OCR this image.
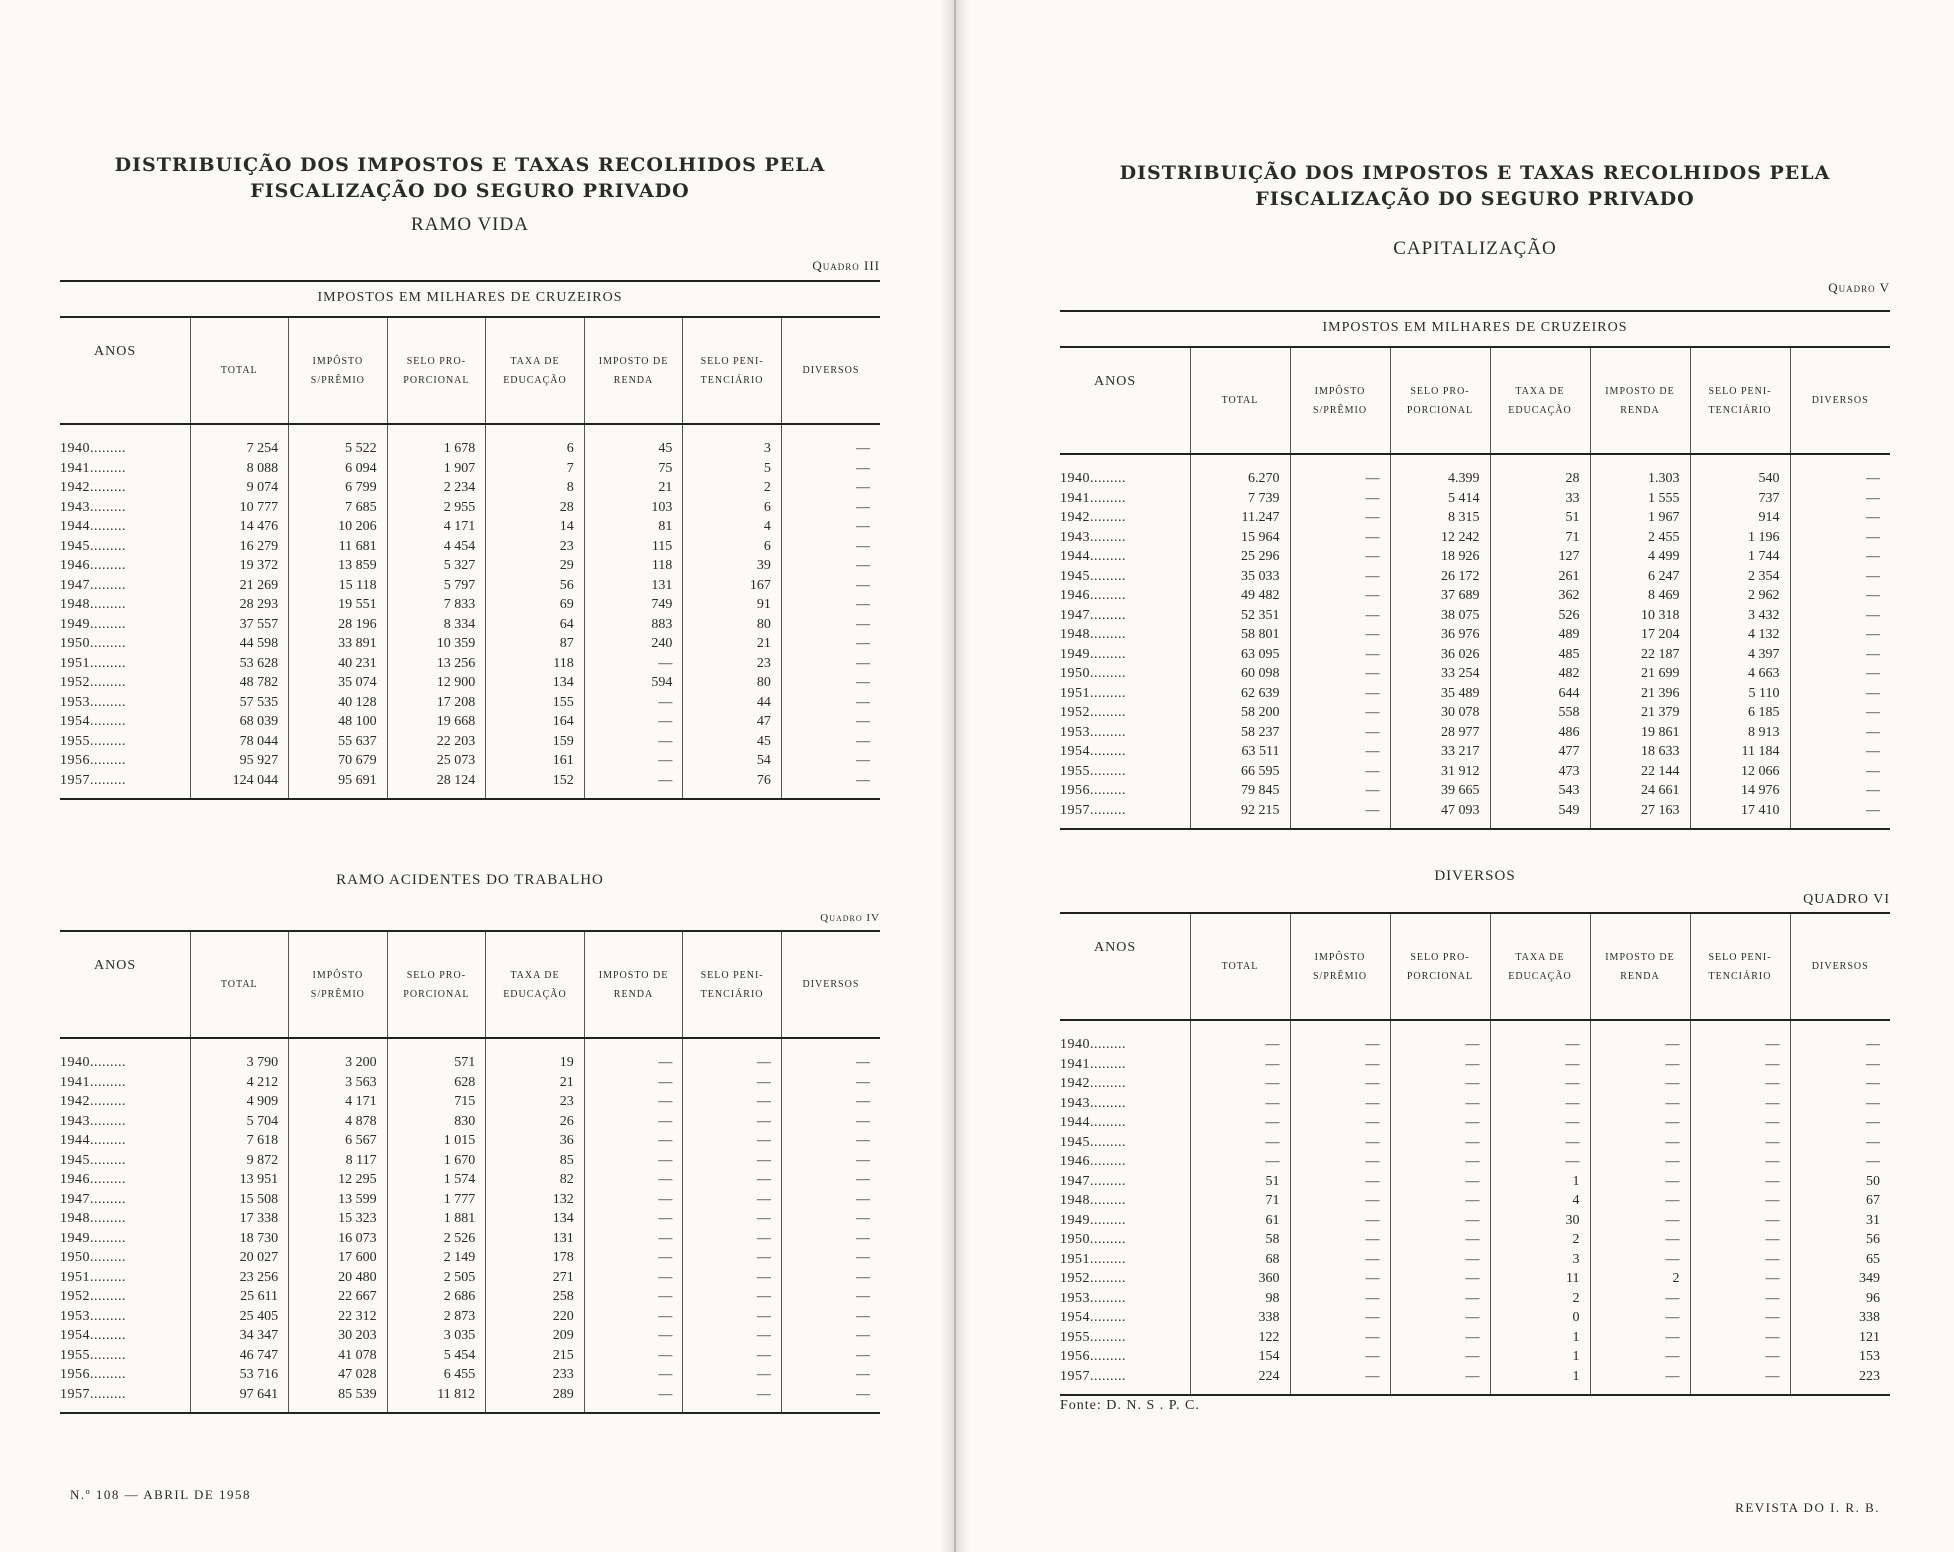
DISTRIBUIÇÃO DOS IMPOSTOS E TAXAS RECOLHIDOS PELA
FISCALIZAÇÃO DO SEGURO PRIVADO
RAMO VIDA
Quadro III
IMPOSTOS EM MILHARES DE CRUZEIROS
ANOS	TOTAL	IMPÔSTO S/PRÊMIO	SELO PRO-PORCIONAL	TAXA DE EDUCAÇÃO	IMPOSTO DE RENDA	SELO PENI-TENCIÁRIO	DIVERSOS
1940.........	7 254	5 522	1 678	6	45	3	—
1941.........	8 088	6 094	1 907	7	75	5	—
1942.........	9 074	6 799	2 234	8	21	2	—
1943.........	10 777	7 685	2 955	28	103	6	—
1944.........	14 476	10 206	4 171	14	81	4	—
1945.........	16 279	11 681	4 454	23	115	6	—
1946.........	19 372	13 859	5 327	29	118	39	—
1947.........	21 269	15 118	5 797	56	131	167	—
1948.........	28 293	19 551	7 833	69	749	91	—
1949.........	37 557	28 196	8 334	64	883	80	—
1950.........	44 598	33 891	10 359	87	240	21	—
1951.........	53 628	40 231	13 256	118	—	23	—
1952.........	48 782	35 074	12 900	134	594	80	—
1953.........	57 535	40 128	17 208	155	—	44	—
1954.........	68 039	48 100	19 668	164	—	47	—
1955.........	78 044	55 637	22 203	159	—	45	—
1956.........	95 927	70 679	25 073	161	—	54	—
1957.........	124 044	95 691	28 124	152	—	76	—
RAMO ACIDENTES DO TRABALHO
Quadro IV
ANOS	TOTAL	IMPÔSTO S/PRÊMIO	SELO PRO-PORCIONAL	TAXA DE EDUCAÇÃO	IMPOSTO DE RENDA	SELO PENI-TENCIÁRIO	DIVERSOS
1940.........	3 790	3 200	571	19	—	—	—
1941.........	4 212	3 563	628	21	—	—	—
1942.........	4 909	4 171	715	23	—	—	—
1943.........	5 704	4 878	830	26	—	—	—
1944.........	7 618	6 567	1 015	36	—	—	—
1945.........	9 872	8 117	1 670	85	—	—	—
1946.........	13 951	12 295	1 574	82	—	—	—
1947.........	15 508	13 599	1 777	132	—	—	—
1948.........	17 338	15 323	1 881	134	—	—	—
1949.........	18 730	16 073	2 526	131	—	—	—
1950.........	20 027	17 600	2 149	178	—	—	—
1951.........	23 256	20 480	2 505	271	—	—	—
1952.........	25 611	22 667	2 686	258	—	—	—
1953.........	25 405	22 312	2 873	220	—	—	—
1954.........	34 347	30 203	3 035	209	—	—	—
1955.........	46 747	41 078	5 454	215	—	—	—
1956.........	53 716	47 028	6 455	233	—	—	—
1957.........	97 641	85 539	11 812	289	—	—	—
N.º 108 — ABRIL DE 1958
DISTRIBUIÇÃO DOS IMPOSTOS E TAXAS RECOLHIDOS PELA
FISCALIZAÇÃO DO SEGURO PRIVADO
CAPITALIZAÇÃO
Quadro V
IMPOSTOS EM MILHARES DE CRUZEIROS
ANOS	TOTAL	IMPÔSTO S/PRÊMIO	SELO PRO-PORCIONAL	TAXA DE EDUCAÇÃO	IMPOSTO DE RENDA	SELO PENI-TENCIÁRIO	DIVERSOS
1940.........	6.270	—	4.399	28	1.303	540	—
1941.........	7 739	—	5 414	33	1 555	737	—
1942.........	11.247	—	8 315	51	1 967	914	—
1943.........	15 964	—	12 242	71	2 455	1 196	—
1944.........	25 296	—	18 926	127	4 499	1 744	—
1945.........	35 033	—	26 172	261	6 247	2 354	—
1946.........	49 482	—	37 689	362	8 469	2 962	—
1947.........	52 351	—	38 075	526	10 318	3 432	—
1948.........	58 801	—	36 976	489	17 204	4 132	—
1949.........	63 095	—	36 026	485	22 187	4 397	—
1950.........	60 098	—	33 254	482	21 699	4 663	—
1951.........	62 639	—	35 489	644	21 396	5 110	—
1952.........	58 200	—	30 078	558	21 379	6 185	—
1953.........	58 237	—	28 977	486	19 861	8 913	—
1954.........	63 511	—	33 217	477	18 633	11 184	—
1955.........	66 595	—	31 912	473	22 144	12 066	—
1956.........	79 845	—	39 665	543	24 661	14 976	—
1957.........	92 215	—	47 093	549	27 163	17 410	—
DIVERSOS
QUADRO VI
ANOS	TOTAL	IMPÔSTO S/PRÊMIO	SELO PRO-PORCIONAL	TAXA DE EDUCAÇÃO	IMPOSTO DE RENDA	SELO PENI-TENCIÁRIO	DIVERSOS
1940.........	—	—	—	—	—	—	—
1941.........	—	—	—	—	—	—	—
1942.........	—	—	—	—	—	—	—
1943.........	—	—	—	—	—	—	—
1944.........	—	—	—	—	—	—	—
1945.........	—	—	—	—	—	—	—
1946.........	—	—	—	—	—	—	—
1947.........	51	—	—	1	—	—	50
1948.........	71	—	—	4	—	—	67
1949.........	61	—	—	30	—	—	31
1950.........	58	—	—	2	—	—	56
1951.........	68	—	—	3	—	—	65
1952.........	360	—	—	11	2	—	349
1953.........	98	—	—	2	—	—	96
1954.........	338	—	—	0	—	—	338
1955.........	122	—	—	1	—	—	121
1956.........	154	—	—	1	—	—	153
1957.........	224	—	—	1	—	—	223
Fonte: D. N. S . P. C.
REVISTA DO I. R. B.
